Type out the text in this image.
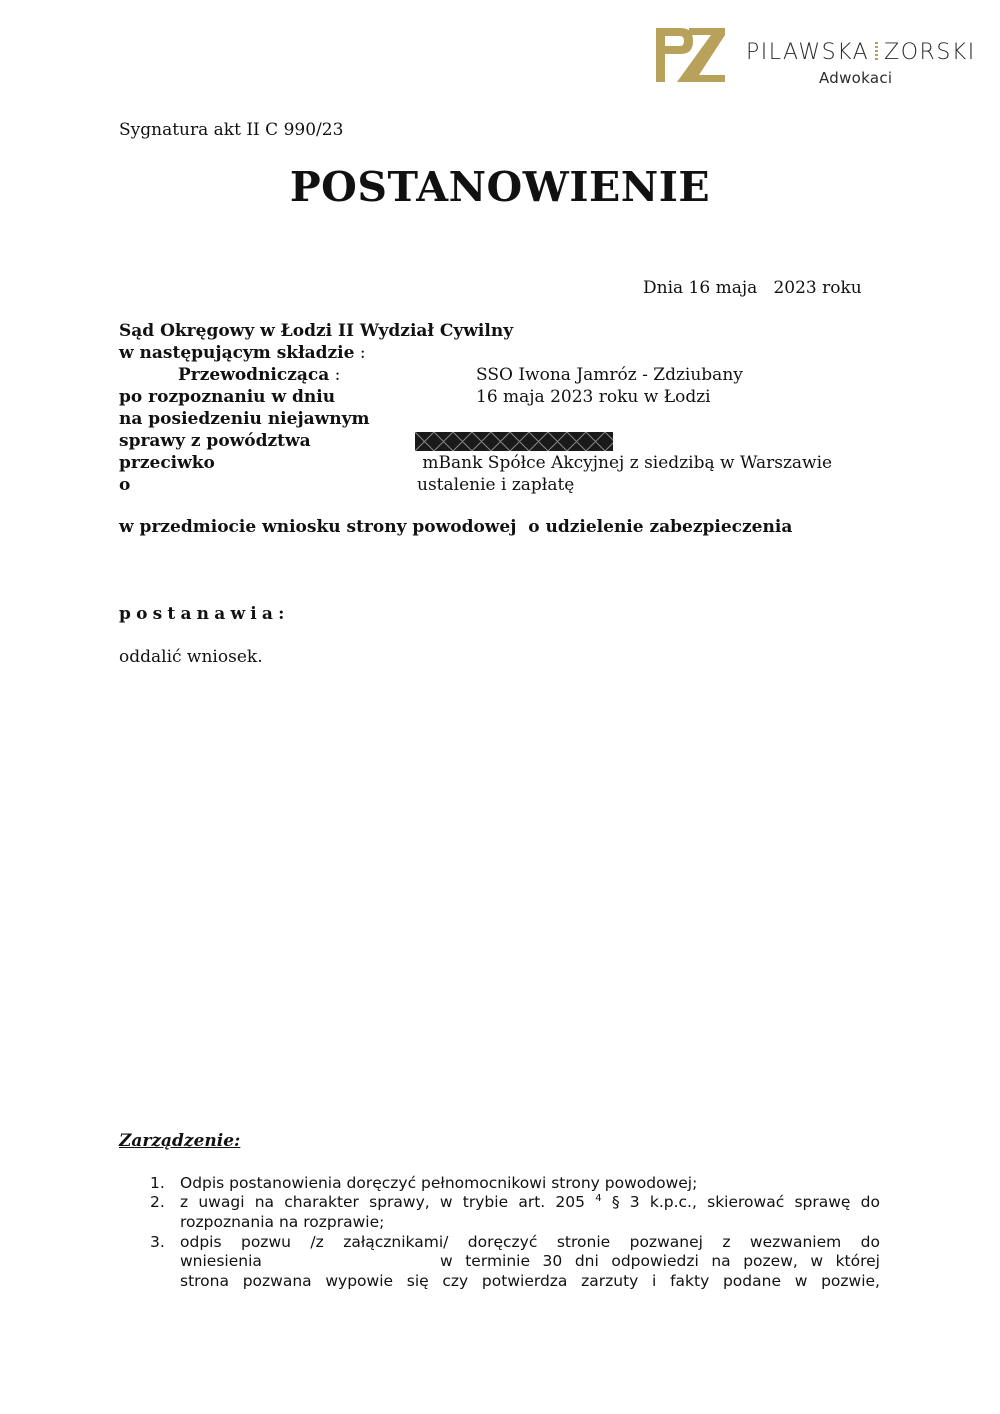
PILAWSKA ZORSKI
Adwokaci
Sygnatura akt II C 990/23
POSTANOWIENIE
Dnia 16 maja   2023 roku
Sąd Okręgowy w Łodzi II Wydział Cywilny
w następującym składzie :
Przewodnicząca :	SSO Iwona Jamróz - Zdziubany
po rozpoznaniu w dniu	16 maja 2023 roku w Łodzi
na posiedzeniu niejawnym
sprawy z powództwa
przeciwko	mBank Spółce Akcyjnej z siedzibą w Warszawie
o	ustalenie i zapłatę
w przedmiocie wniosku strony powodowej  o udzielenie zabezpieczenia
postanawia:
oddalić wniosek.
Zarządzenie:
1. Odpis postanowienia doręczyć pełnomocnikowi strony powodowej;
2. z uwagi na charakter sprawy, w trybie art. 205 $^4$ § 3 k.p.c., skierować sprawę do
rozpoznania na rozprawie;
3. odpis pozwu /z załącznikami/ doręczyć stronie pozwanej z wezwaniem do
wniesienia	w terminie 30 dni odpowiedzi na pozew, w której
strona pozwana wypowie się czy potwierdza zarzuty i fakty podane w pozwie,
